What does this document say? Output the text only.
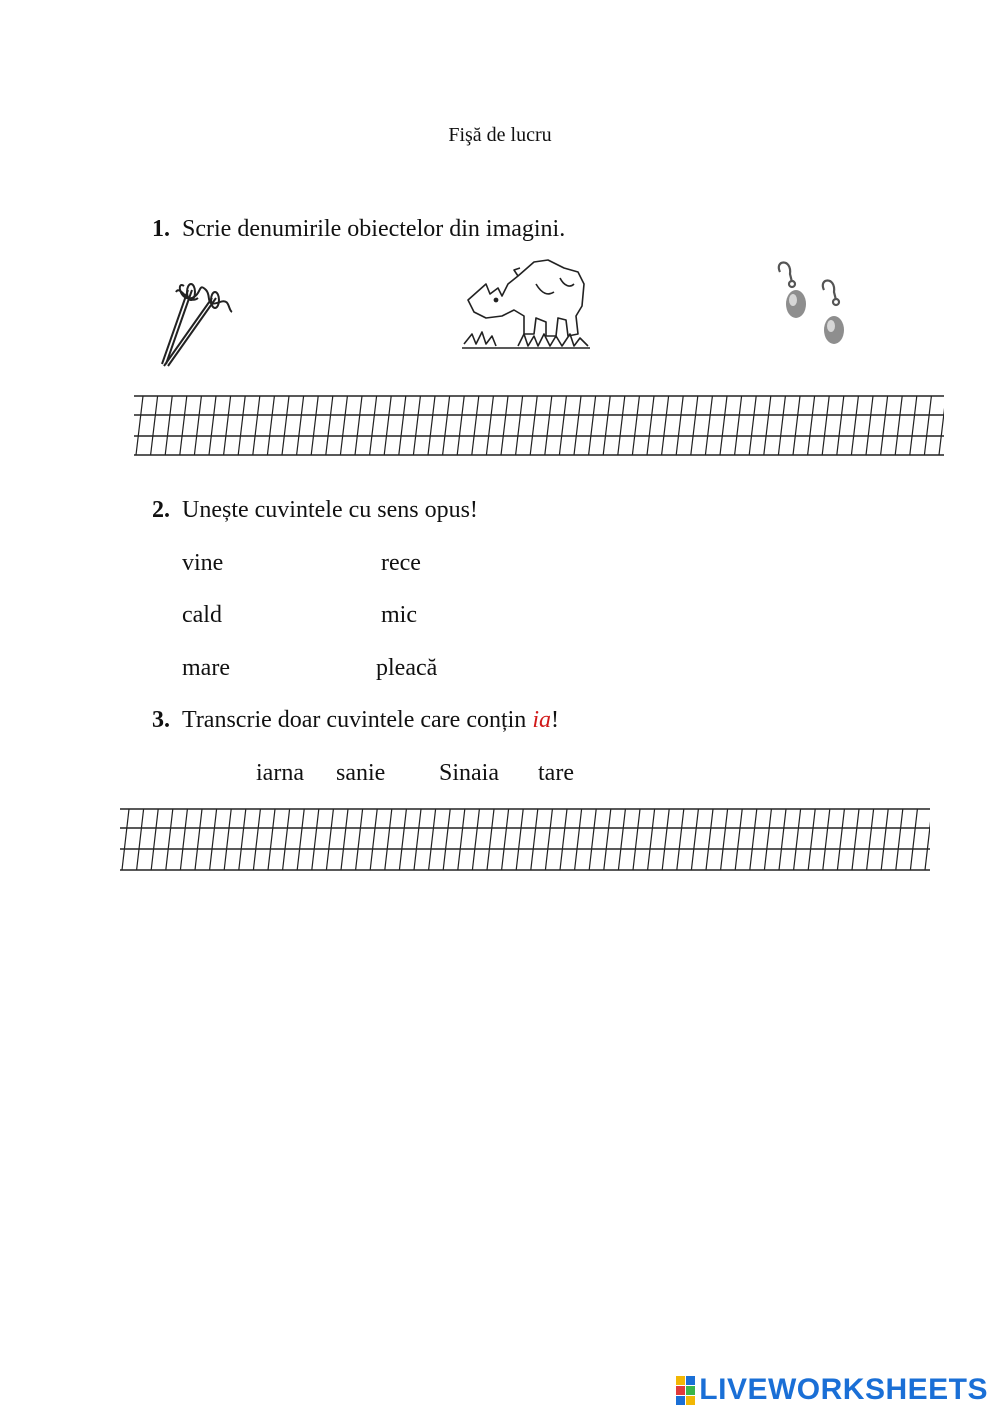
Fişă de lucru
1. Scrie denumirile obiectelor din imagini.
2. Unește cuvintele cu sens opus!
vine
cald
mare
rece
mic
pleacă
3. Transcrie doar cuvintele care conțin ia!
iarna sanie Sinaia tare
LIVEWORKSHEETS
